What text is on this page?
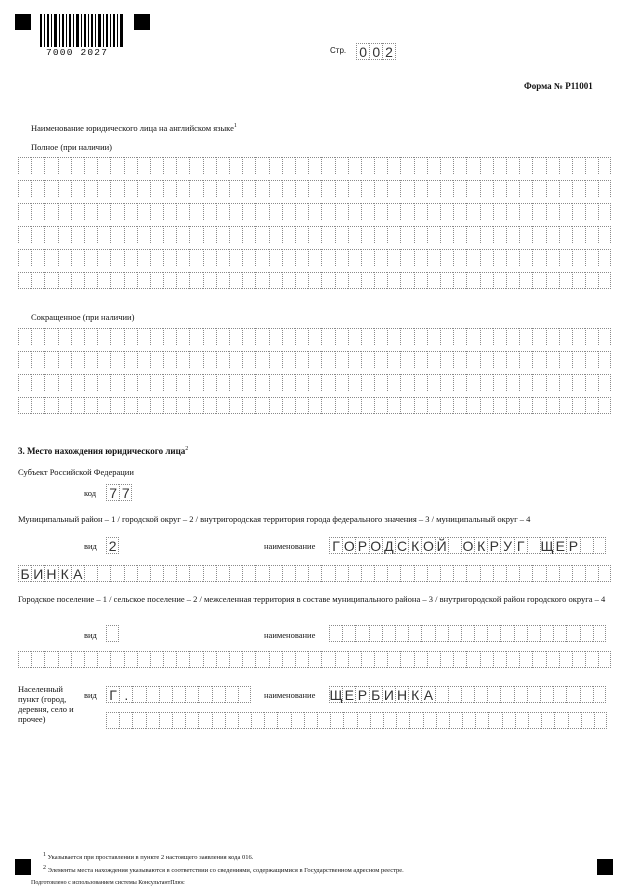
7000 2027	Стр. 0 0 2
Форма № Р11001
Наименование юридического лица на английском языке$^1$
Полное (при наличии)
Сокращенное (при наличии)
3. Место нахождения юридического лица$^2$
Субъект Российской Федерации
код 7 7
Муниципальный район – 1 / городской округ – 2 / внутригородская территория города федерального значения – 3 / муниципальный округ – 4
вид 2	наименование Г О Р О Д С К О Й О К Р У Г Щ Е Р
Б И Н К А
Городское поселение – 1 / сельское поселение – 2 / межселенная территория в составе муниципального района – 3 / внутригородской район городского округа – 4
вид	наименование
Населенный пункт (город, деревня, село и прочее)
вид Г .	наименование Щ Е Р Б И Н К А
1 Указывается при проставлении в пункте 2 настоящего заявления кода 016.
2 Элементы места нахождения указываются в соответствии со сведениями, содержащимися в Государственном адресном реестре.
Подготовлено с использованием системы КонсультантПлюс
